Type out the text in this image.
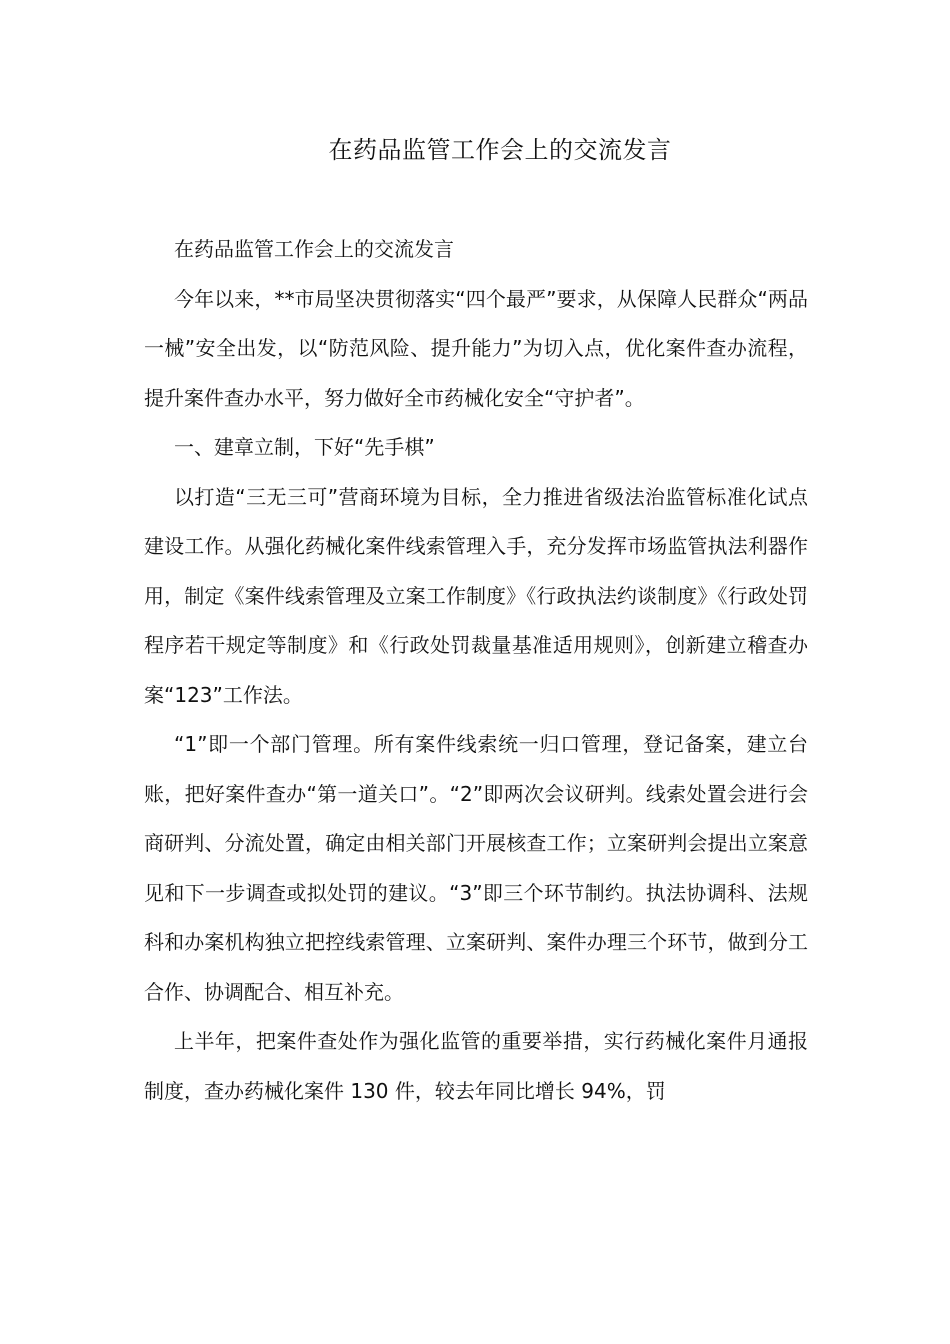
在药品监管工作会上的交流发言

在药品监管工作会上的交流发言

今年以来，**市局坚决贯彻落实“四个最严”要求，从保障人民群众“两品一械”安全出发，以“防范风险、提升能力”为切入点，优化案件查办流程，提升案件查办水平，努力做好全市药械化安全“守护者”。

一、建章立制，下好“先手棋”

以打造“三无三可”营商环境为目标，全力推进省级法治监管标准化试点建设工作。从强化药械化案件线索管理入手，充分发挥市场监管执法利器作用，制定《案件线索管理及立案工作制度》《行政执法约谈制度》《行政处罚程序若干规定等制度》和《行政处罚裁量基准适用规则》，创新建立稽查办案“123”工作法。

“1”即一个部门管理。所有案件线索统一归口管理，登记备案，建立台账，把好案件查办“第一道关口”。“2”即两次会议研判。线索处置会进行会商研判、分流处置，确定由相关部门开展核查工作；立案研判会提出立案意见和下一步调查或拟处罚的建议。“3”即三个环节制约。执法协调科、法规科和办案机构独立把控线索管理、立案研判、案件办理三个环节，做到分工合作、协调配合、相互补充。

上半年，把案件查处作为强化监管的重要举措，实行药械化案件月通报制度，查办药械化案件 130 件，较去年同比增长 94%，罚
